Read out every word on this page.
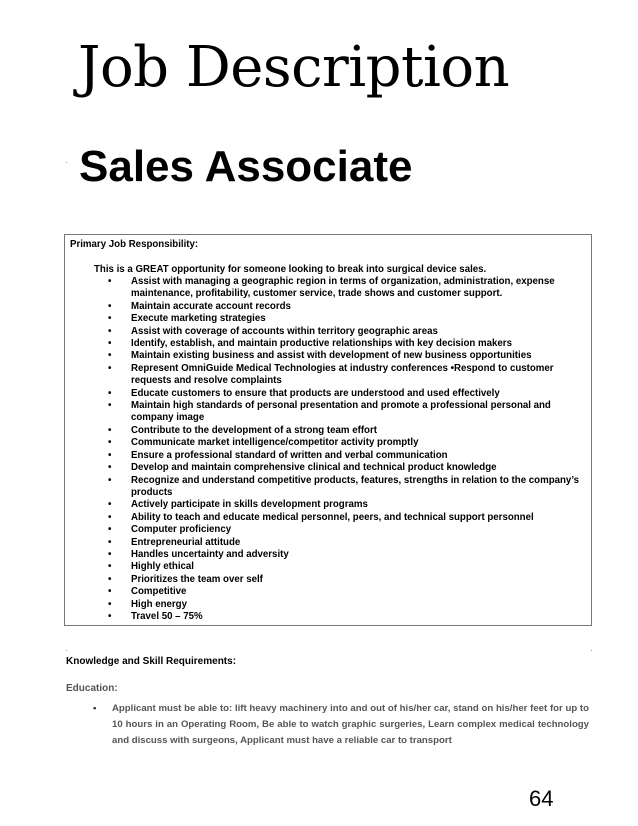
Job Description
Sales Associate
Primary Job Responsibility:
This is a GREAT opportunity for someone looking to break into surgical device sales.
• Assist with managing a geographic region in terms of organization, administration, expense maintenance, profitability, customer service, trade shows and customer support.
• Maintain accurate account records
• Execute marketing strategies
• Assist with coverage of accounts within territory geographic areas
• Identify, establish, and maintain productive relationships with key decision makers
• Maintain existing business and assist with development of new business opportunities
• Represent OmniGuide Medical Technologies at industry conferences •Respond to customer requests and resolve complaints
• Educate customers to ensure that products are understood and used effectively
• Maintain high standards of personal presentation and promote a professional personal and company image
• Contribute to the development of a strong team effort
• Communicate market intelligence/competitor activity promptly
• Ensure a professional standard of written and verbal communication
• Develop and maintain comprehensive clinical and technical product knowledge
• Recognize and understand competitive products, features, strengths in relation to the company’s products
• Actively participate in skills development programs
• Ability to teach and educate medical personnel, peers, and technical support personnel
• Computer proficiency
• Entrepreneurial attitude
• Handles uncertainty and adversity
• Highly ethical
• Prioritizes the team over self
• Competitive
• High energy
• Travel 50 – 75%
Knowledge and Skill Requirements:
Education:
• Applicant must be able to: lift heavy machinery into and out of his/her car, stand on his/her feet for up to 10 hours in an Operating Room, Be able to watch graphic surgeries, Learn complex medical technology and discuss with surgeons, Applicant must have a reliable car to transport
64
